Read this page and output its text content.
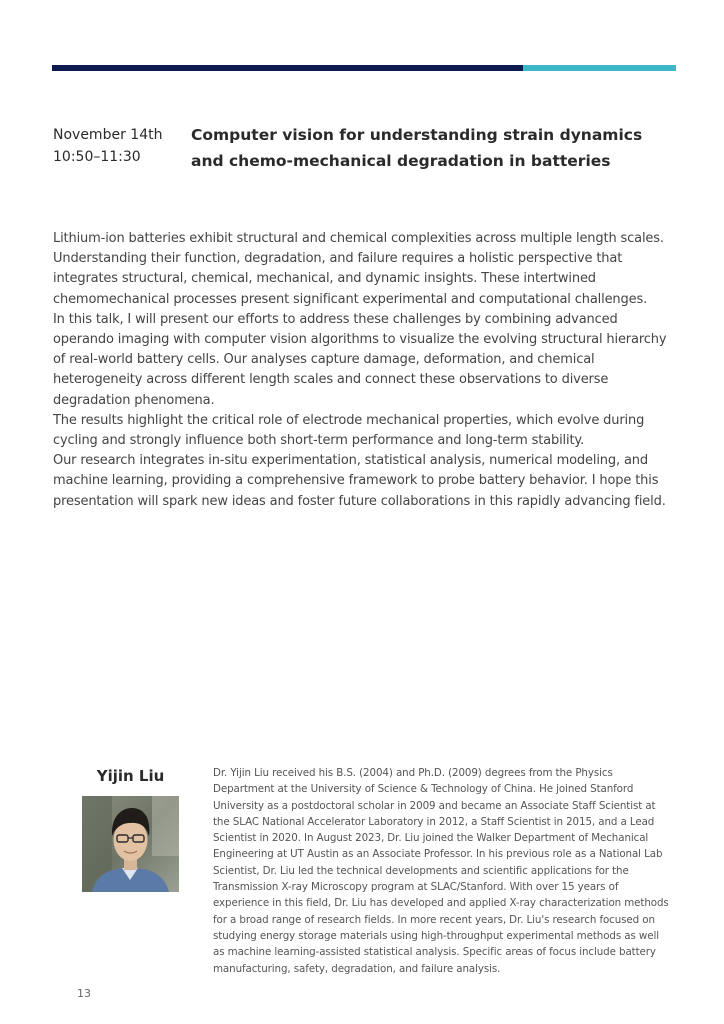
November 14th
10:50–11:30
Computer vision for understanding strain dynamics and chemo-mechanical degradation in batteries

Lithium-ion batteries exhibit structural and chemical complexities across multiple length scales. Understanding their function, degradation, and failure requires a holistic perspective that integrates structural, chemical, mechanical, and dynamic insights. These intertwined chemomechanical processes present significant experimental and computational challenges.

In this talk, I will present our efforts to address these challenges by combining advanced operando imaging with computer vision algorithms to visualize the evolving structural hierarchy of real-world battery cells. Our analyses capture damage, deformation, and chemical heterogeneity across different length scales and connect these observations to diverse degradation phenomena.

The results highlight the critical role of electrode mechanical properties, which evolve during cycling and strongly influence both short-term performance and long-term stability.

Our research integrates in-situ experimentation, statistical analysis, numerical modeling, and machine learning, providing a comprehensive framework to probe battery behavior. I hope this presentation will spark new ideas and foster future collaborations in this rapidly advancing field.

Yijin Liu	Dr. Yijin Liu received his B.S. (2004) and Ph.D. (2009) degrees from the Physics Department at the University of Science & Technology of China. He joined Stanford University as a postdoctoral scholar in 2009 and became an Associate Staff Scientist at the SLAC National Accelerator Laboratory in 2012, a Staff Scientist in 2015, and a Lead Scientist in 2020. In August 2023, Dr. Liu joined the Walker Department of Mechanical Engineering at UT Austin as an Associate Professor. In his previous role as a National Lab Scientist, Dr. Liu led the technical developments and scientific applications for the Transmission X-ray Microscopy program at SLAC/Stanford. With over 15 years of experience in this field, Dr. Liu has developed and applied X-ray characterization methods for a broad range of research fields. In more recent years, Dr. Liu's research focused on studying energy storage materials using high-throughput experimental methods as well as machine learning-assisted statistical analysis. Specific areas of focus include battery manufacturing, safety, degradation, and failure analysis.

13
